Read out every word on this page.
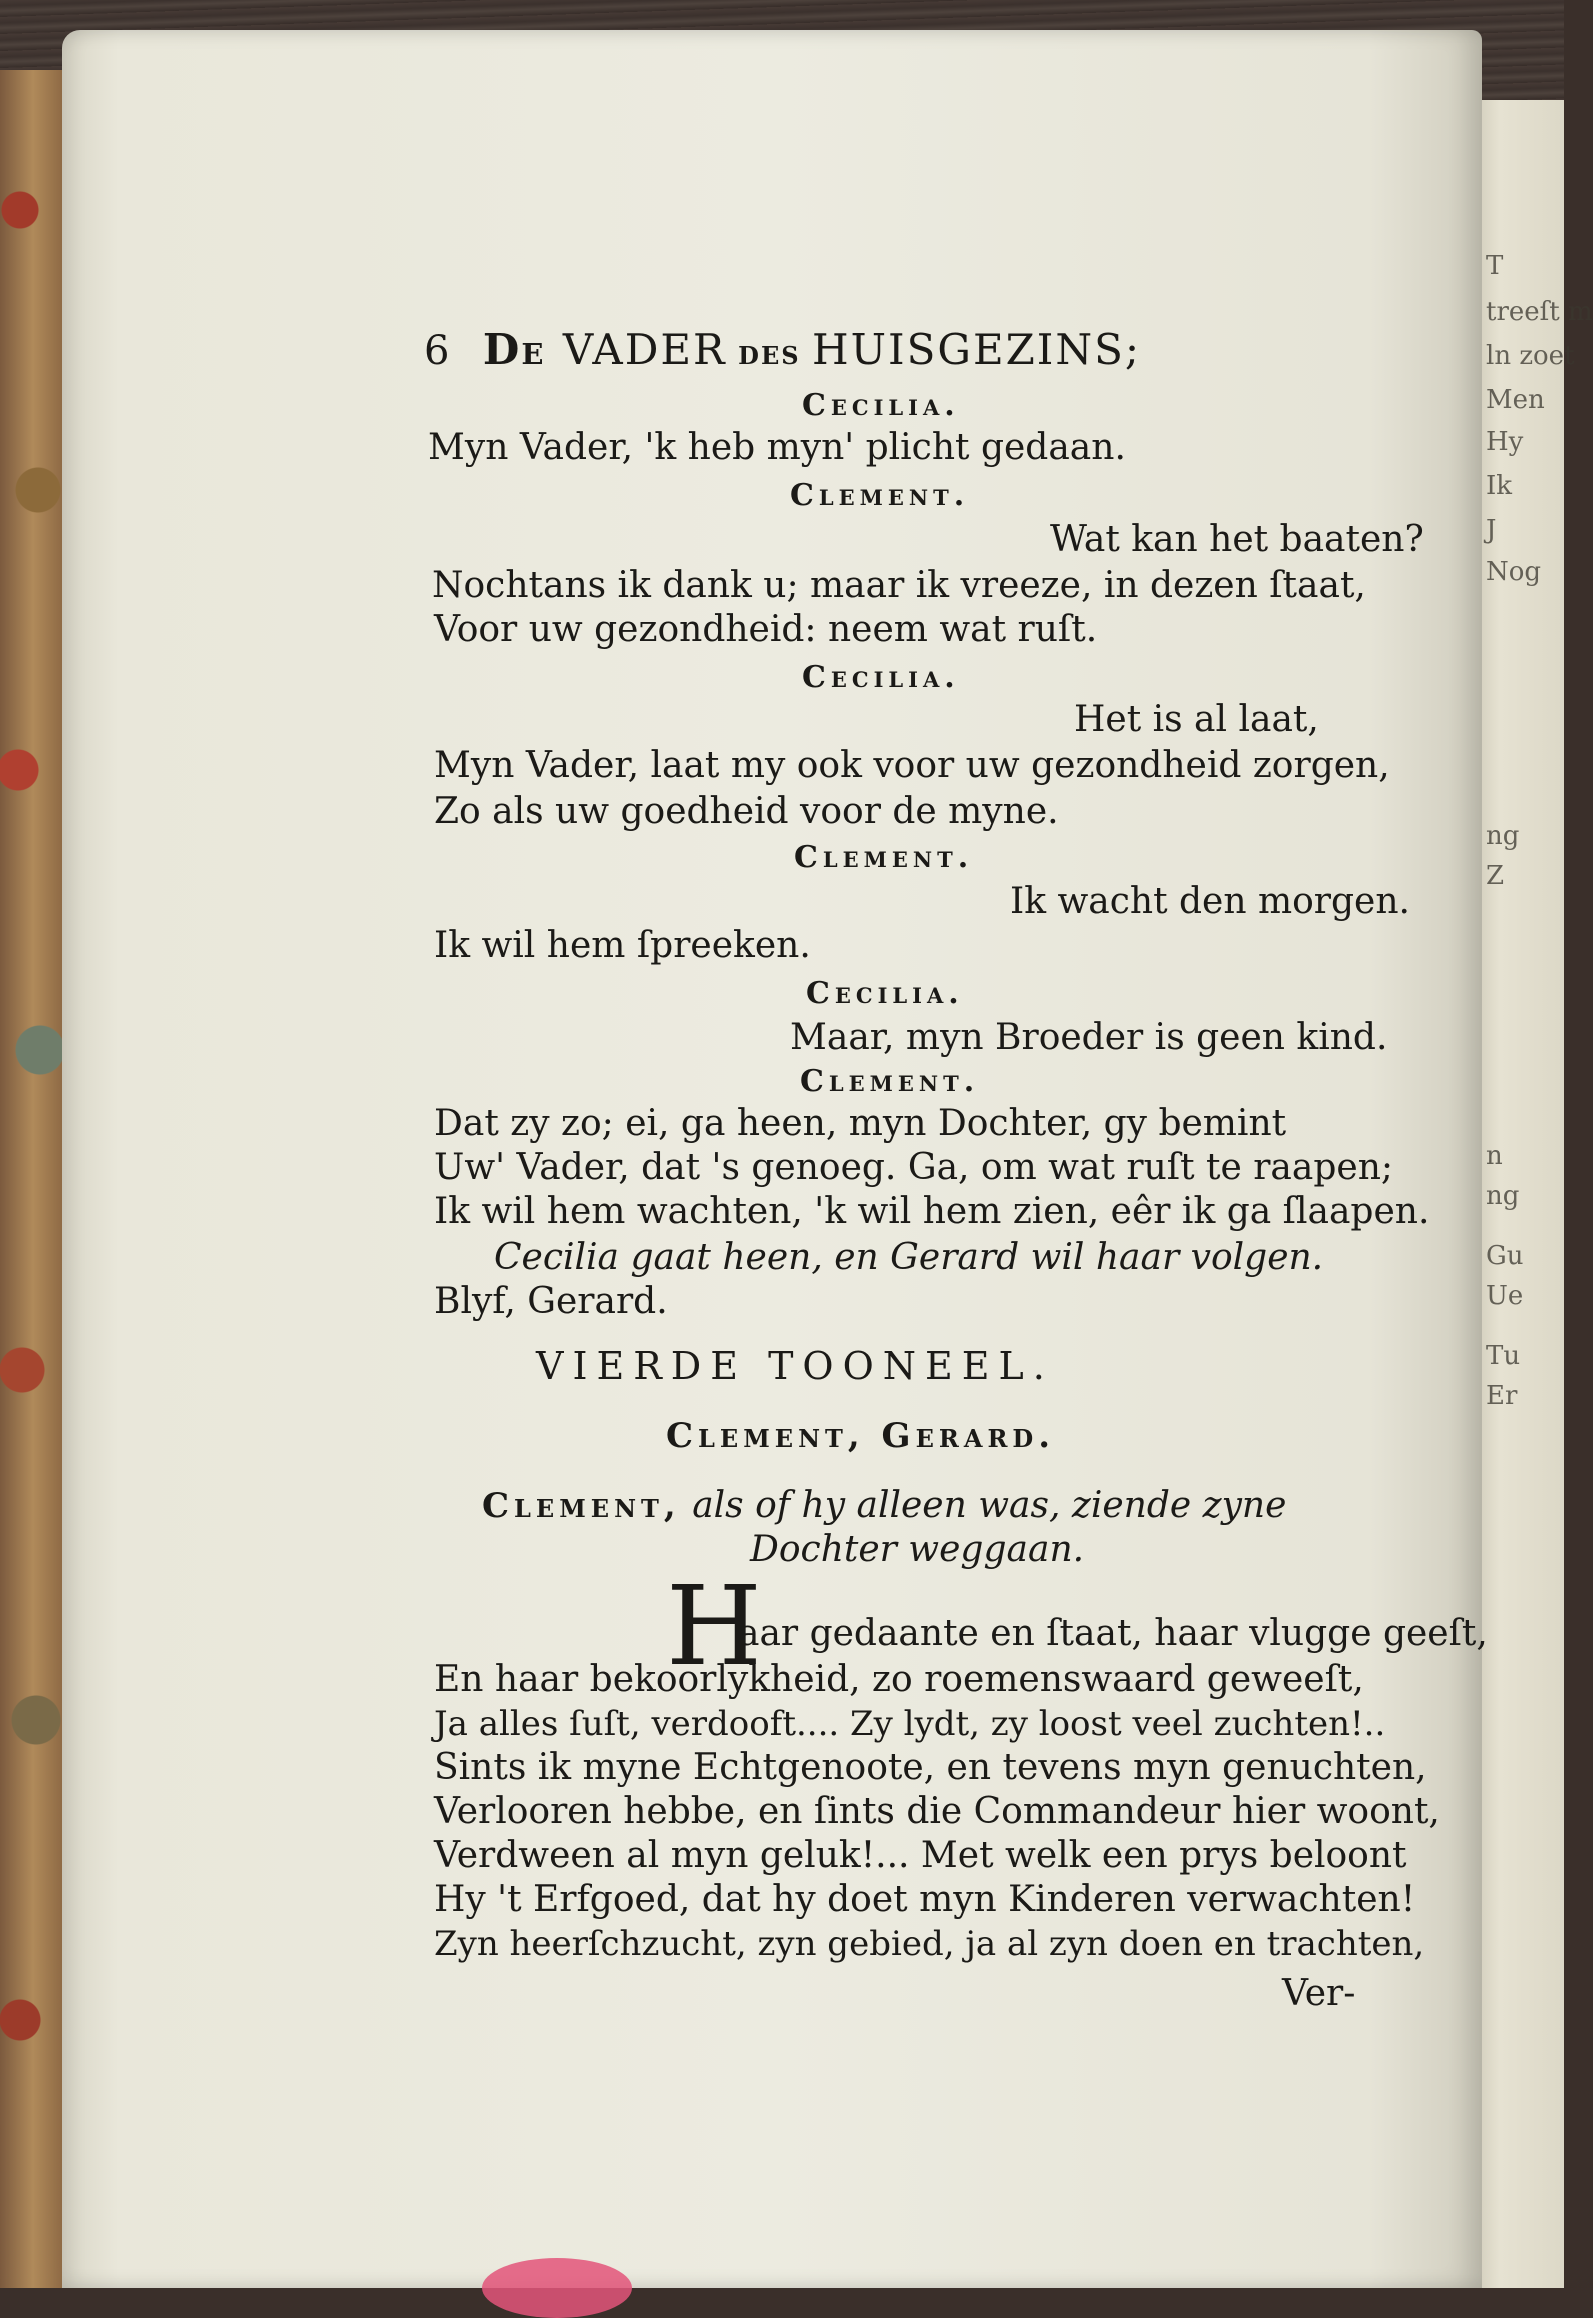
T
treeſt m
ln zoet
Men
Hy
Ik
J
Nog
ng
Z
n
ng
Gu
Ue
Tu
Er
6 De VADER des HUISGEZINS;
Cecilia.
Myn Vader, 'k heb myn' plicht gedaan.
Clement.
Wat kan het baaten?
Nochtans ik dank u; maar ik vreeze, in dezen ſtaat,
Voor uw gezondheid: neem wat ruſt.
Cecilia.
Het is al laat,
Myn Vader, laat my ook voor uw gezondheid zorgen,
Zo als uw goedheid voor de myne.
Clement.
Ik wacht den morgen.
Ik wil hem ſpreeken.
Cecilia.
Maar, myn Broeder is geen kind.
Clement.
Dat zy zo; ei, ga heen, myn Dochter, gy bemint
Uw' Vader, dat 's genoeg. Ga, om wat ruſt te raapen;
Ik wil hem wachten, 'k wil hem zien, eêr ik ga ſlaapen.
Cecilia gaat heen, en Gerard wil haar volgen.
Blyf, Gerard.
VIERDE TOONEEL.
Clement, Gerard.
Clement, als of hy alleen was, ziende zyne
Dochter weggaan.
H
aar gedaante en ſtaat, haar vlugge geeſt,
En haar bekoorlykheid, zo roemenswaard geweeſt,
Ja alles ſuſt, verdooft.... Zy lydt, zy loost veel zuchten!..
Sints ik myne Echtgenoote, en tevens myn genuchten,
Verlooren hebbe, en ſints die Commandeur hier woont,
Verdween al myn geluk!... Met welk een prys beloont
Hy 't Erfgoed, dat hy doet myn Kinderen verwachten!
Zyn heerſchzucht, zyn gebied, ja al zyn doen en trachten,
Ver-
